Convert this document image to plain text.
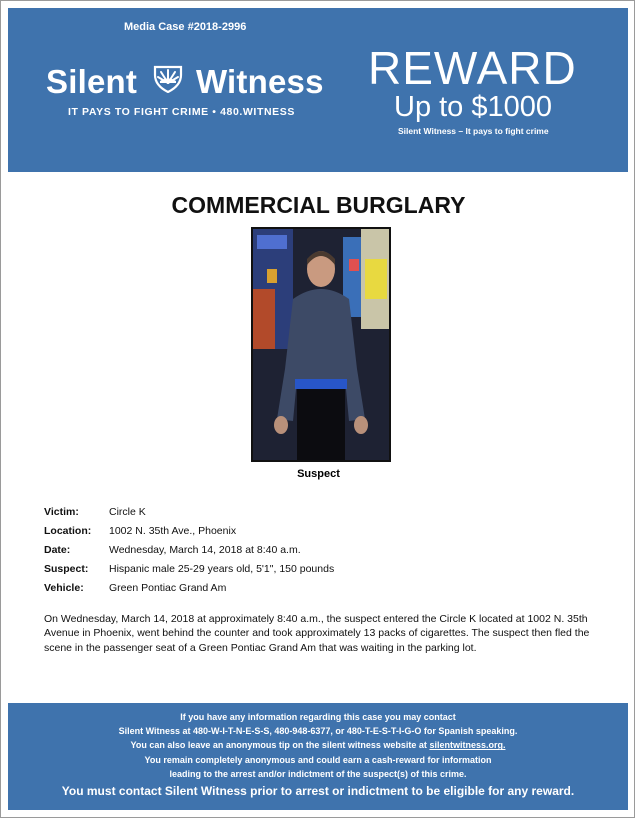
Media Case #2018-2996
Silent Witness
IT PAYS TO FIGHT CRIME • 480.WITNESS
REWARD
Up to $1000
Silent Witness – It pays to fight crime
COMMERCIAL BURGLARY
Suspect
Victim:	Circle K
Location: 1002 N. 35th Ave., Phoenix
Date:	Wednesday, March 14, 2018 at 8:40 a.m.
Suspect: Hispanic male 25-29 years old, 5'1", 150 pounds
Vehicle: Green Pontiac Grand Am
On Wednesday, March 14, 2018 at approximately 8:40 a.m., the suspect entered the Circle K located at 1002 N. 35th Avenue in Phoenix, went behind the counter and took approximately 13 packs of cigarettes. The suspect then fled the scene in the passenger seat of a Green Pontiac Grand Am that was waiting in the parking lot.
If you have any information regarding this case you may contact
Silent Witness at 480-W-I-T-N-E-S-S, 480-948-6377, or 480-T-E-S-T-I-G-O for Spanish speaking.
You can also leave an anonymous tip on the silent witness website at silentwitness.org.
You remain completely anonymous and could earn a cash-reward for information
leading to the arrest and/or indictment of the suspect(s) of this crime.
You must contact Silent Witness prior to arrest or indictment to be eligible for any reward.
